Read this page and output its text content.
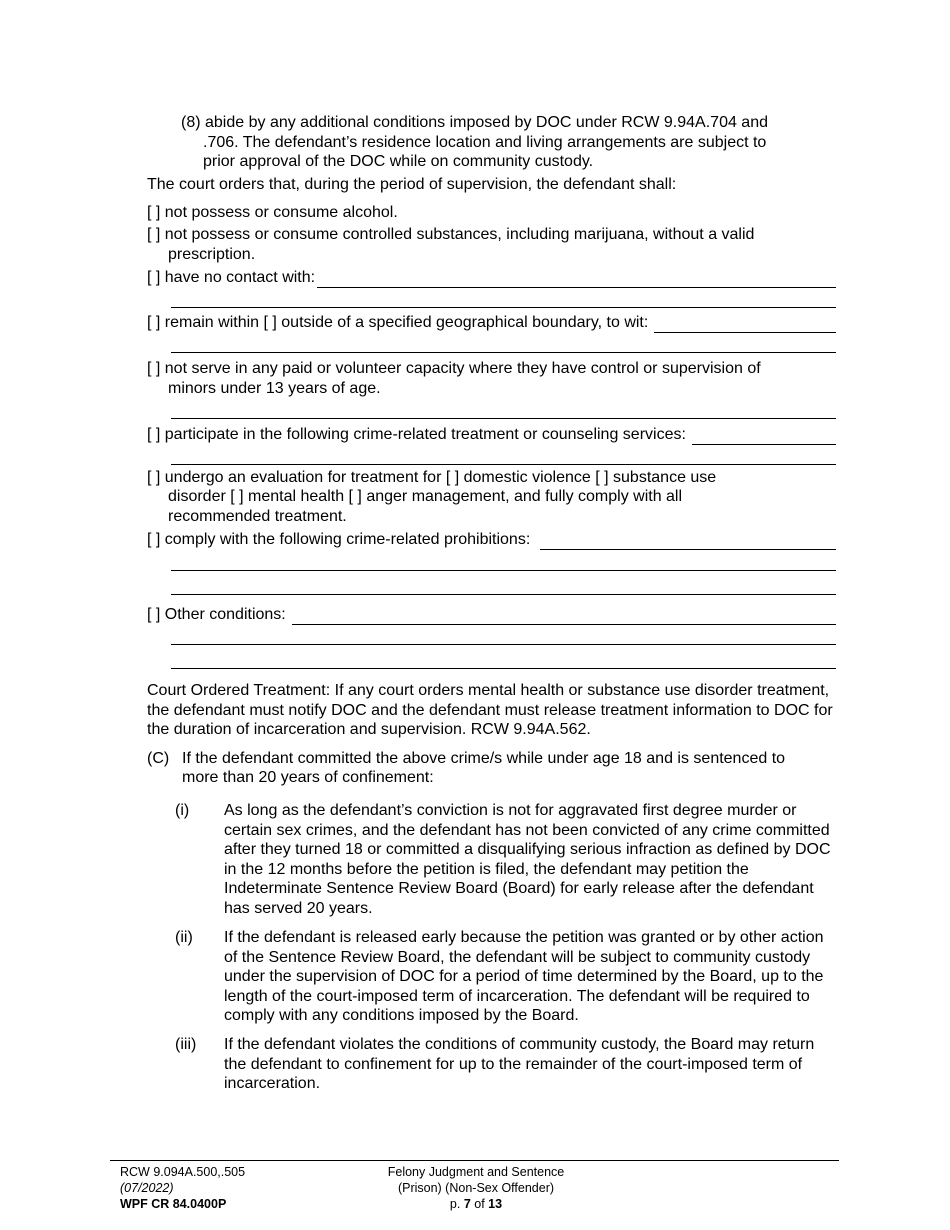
(8) abide by any additional conditions imposed by DOC under RCW 9.94A.704 and
.706. The defendant’s residence location and living arrangements are subject to
prior approval of the DOC while on community custody.
The court orders that, during the period of supervision, the defendant shall:
[ ] not possess or consume alcohol.
[ ] not possess or consume controlled substances, including marijuana, without a valid
prescription.
[ ] have no contact with:
[ ] remain within [ ] outside of a specified geographical boundary, to wit:
[ ] not serve in any paid or volunteer capacity where they have control or supervision of
minors under 13 years of age.
[ ] participate in the following crime-related treatment or counseling services:
[ ] undergo an evaluation for treatment for [ ] domestic violence [ ] substance use
disorder [ ] mental health [ ] anger management, and fully comply with all
recommended treatment.
[ ] comply with the following crime-related prohibitions:
[ ] Other conditions:
Court Ordered Treatment: If any court orders mental health or substance use disorder treatment, the defendant must notify DOC and the defendant must release treatment information to DOC for the duration of incarceration and supervision. RCW 9.94A.562.
(C) If the defendant committed the above crime/s while under age 18 and is sentenced to
more than 20 years of confinement:
(i) As long as the defendant’s conviction is not for aggravated first degree murder or certain sex crimes, and the defendant has not been convicted of any crime committed after they turned 18 or committed a disqualifying serious infraction as defined by DOC in the 12 months before the petition is filed, the defendant may petition the Indeterminate Sentence Review Board (Board) for early release after the defendant has served 20 years.
(ii) If the defendant is released early because the petition was granted or by other action of the Sentence Review Board, the defendant will be subject to community custody under the supervision of DOC for a period of time determined by the Board, up to the length of the court-imposed term of incarceration. The defendant will be required to comply with any conditions imposed by the Board.
(iii) If the defendant violates the conditions of community custody, the Board may return the defendant to confinement for up to the remainder of the court-imposed term of incarceration.
RCW 9.094A.500,.505
(07/2022)
WPF CR 84.0400P
Felony Judgment and Sentence
(Prison) (Non-Sex Offender)
p. 7 of 13
